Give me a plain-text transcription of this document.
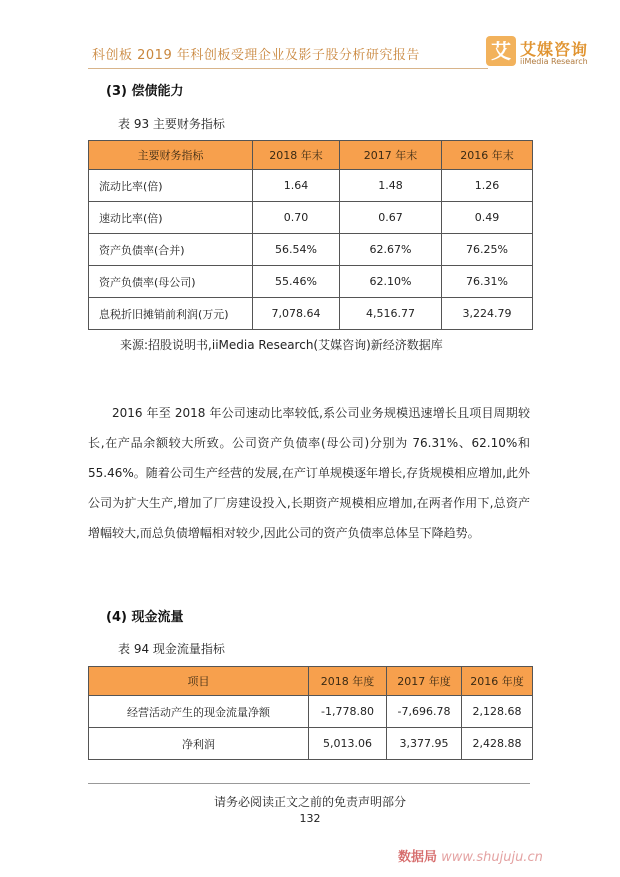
科创板 2019 年科创板受理企业及影子股分析研究报告	艾 艾媒咨询
iiMedia Research
(3) 偿债能力
表 93 主要财务指标
主要财务指标	2018 年末	2017 年末	2016 年末
流动比率(倍)	1.64	1.48	1.26
速动比率(倍)	0.70	0.67	0.49
资产负债率(合并)	56.54%	62.67%	76.25%
资产负债率(母公司)	55.46%	62.10%	76.31%
息税折旧摊销前利润(万元)	7,078.64	4,516.77	3,224.79
来源:招股说明书,iiMedia Research(艾媒咨询)新经济数据库

2016 年至 2018 年公司速动比率较低,系公司业务规模迅速增长且项目周期较长,在产品余额较大所致。公司资产负债率(母公司)分别为 76.31%、62.10%和55.46%。随着公司生产经营的发展,在产订单规模逐年增长,存货规模相应增加,此外公司为扩大生产,增加了厂房建设投入,长期资产规模相应增加,在两者作用下,总资产增幅较大,而总负债增幅相对较少,因此公司的资产负债率总体呈下降趋势。

(4) 现金流量
表 94 现金流量指标
项目	2018 年度	2017 年度	2016 年度
经营活动产生的现金流量净额	-1,778.80	-7,696.78	2,128.68
净利润	5,013.06	3,377.95	2,428.88
请务必阅读正文之前的免责声明部分
132
数据局 www.shujuju.cn
